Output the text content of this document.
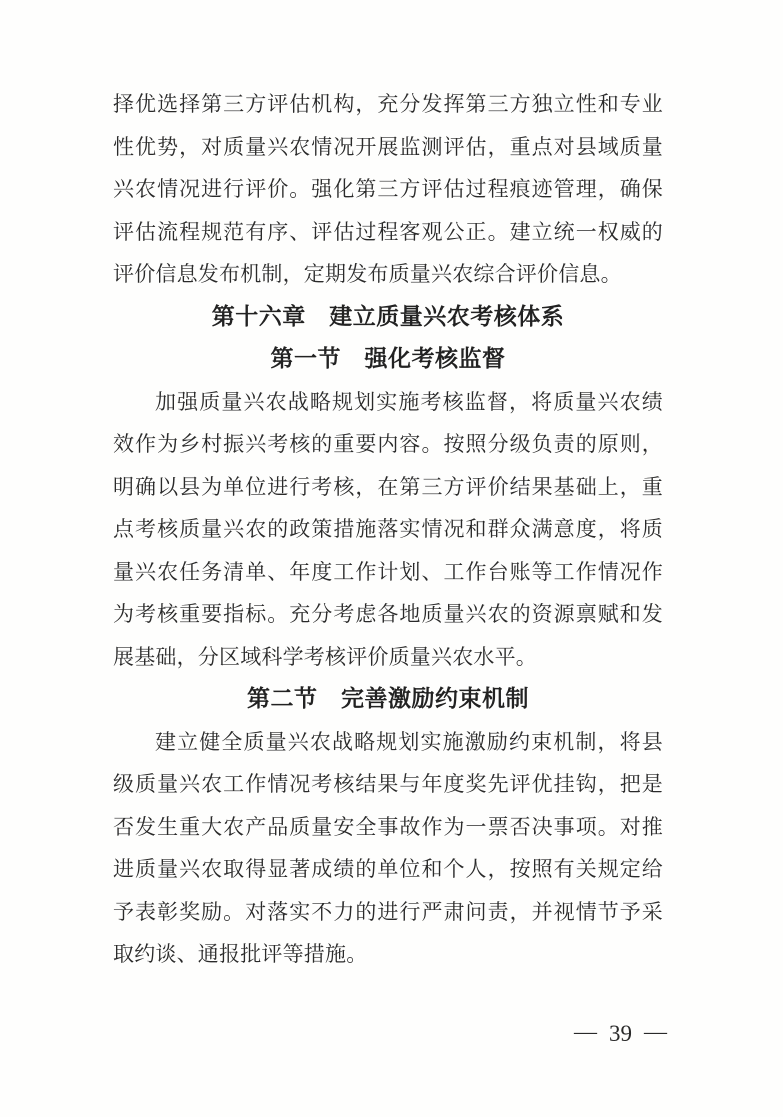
择优选择第三方评估机构，充分发挥第三方独立性和专业性优势，对质量兴农情况开展监测评估，重点对县域质量兴农情况进行评价。强化第三方评估过程痕迹管理，确保评估流程规范有序、评估过程客观公正。建立统一权威的评价信息发布机制，定期发布质量兴农综合评价信息。

第十六章　建立质量兴农考核体系
第一节　强化考核监督

加强质量兴农战略规划实施考核监督，将质量兴农绩效作为乡村振兴考核的重要内容。按照分级负责的原则，明确以县为单位进行考核，在第三方评价结果基础上，重点考核质量兴农的政策措施落实情况和群众满意度，将质量兴农任务清单、年度工作计划、工作台账等工作情况作为考核重要指标。充分考虑各地质量兴农的资源禀赋和发展基础，分区域科学考核评价质量兴农水平。

第二节　完善激励约束机制

建立健全质量兴农战略规划实施激励约束机制，将县级质量兴农工作情况考核结果与年度奖先评优挂钩，把是否发生重大农产品质量安全事故作为一票否决事项。对推进质量兴农取得显著成绩的单位和个人，按照有关规定给予表彰奖励。对落实不力的进行严肃问责，并视情节予采取约谈、通报批评等措施。

— 39 —
